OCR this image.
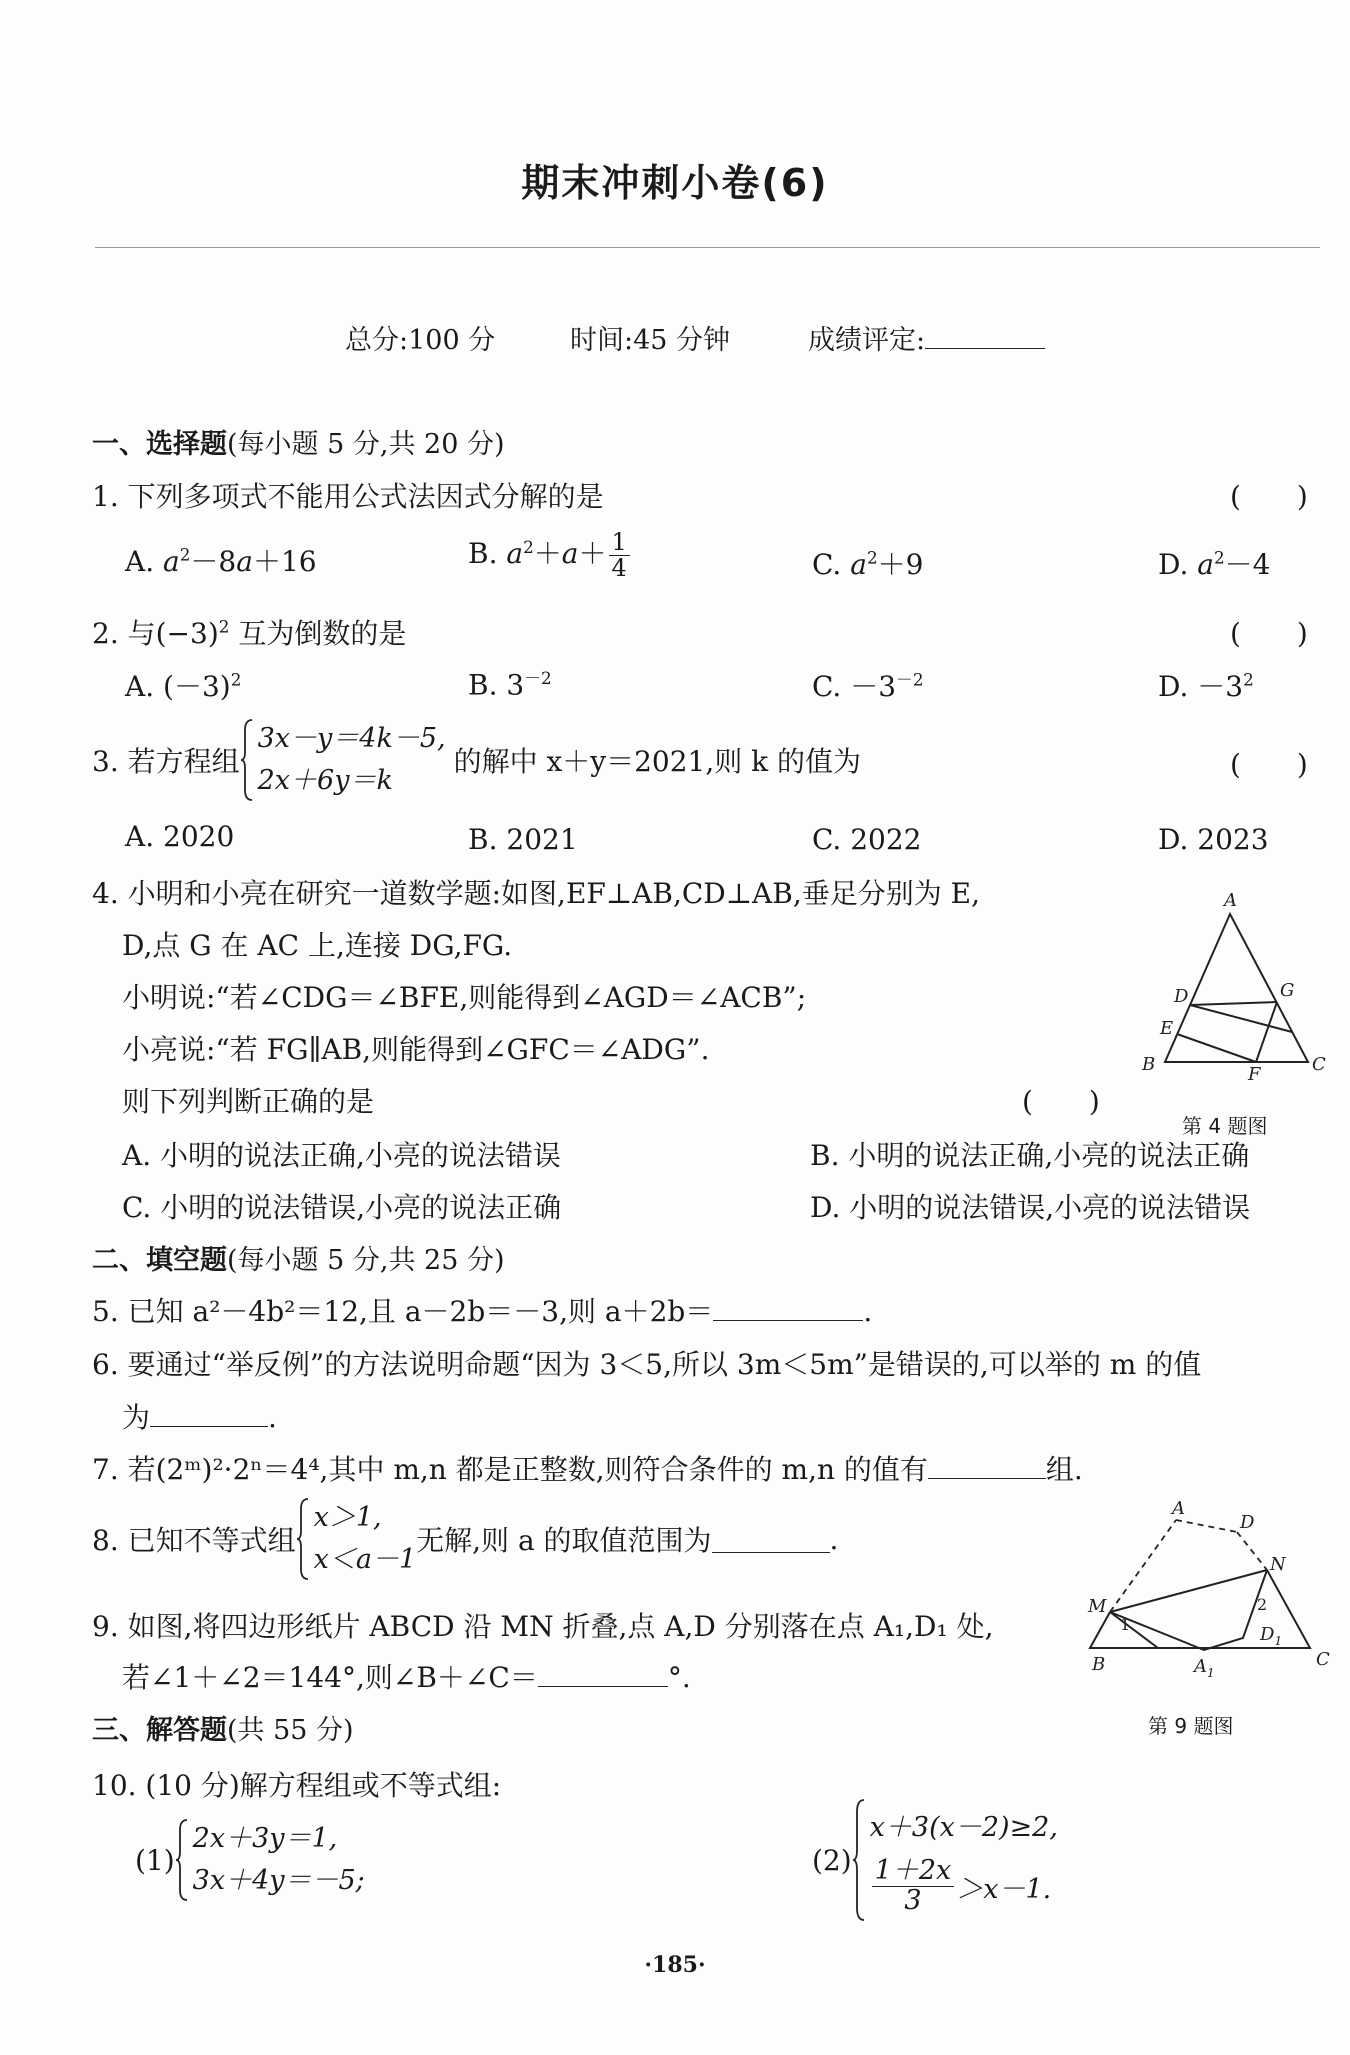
期末冲刺小卷(6)
总分:100 分	时间:45 分钟	成绩评定:
一、选择题(每小题 5 分,共 20 分)
1. 下列多项式不能用公式法因式分解的是	(　　)
A. $a^2-8a+16$	B. $a^2+a+ \frac{1}{4}$	C. $a^2+9$	D. $a^2-4$
2. 与$(-3)^2$ 互为倒数的是	(　　)
A. $(-3)^2$	B. $3^{-2}$	C. $-3^{-2}$	D. $-3^2$
3. 若方程组
3x－y＝4k－5,
2x＋6y＝k
的解中 x＋y＝2021,则 k 的值为	(　　)
A. 2020	B. 2021	C. 2022	D. 2023
4. 小明和小亮在研究一道数学题:如图,EF⊥AB,CD⊥AB,垂足分别为 E,
D,点 G 在 AC 上,连接 DG,FG.
小明说:“若∠CDG＝∠BFE,则能得到∠AGD＝∠ACB”;
小亮说:“若 FG∥AB,则能得到∠GFC＝∠ADG”.
则下列判断正确的是	(　　)
A
D	G
E
B	F	C
第 4 题图
A. 小明的说法正确,小亮的说法错误	B. 小明的说法正确,小亮的说法正确
C. 小明的说法错误,小亮的说法正确	D. 小明的说法错误,小亮的说法错误
二、填空题(每小题 5 分,共 25 分)
5. 已知 a²－4b²＝12,且 a－2b＝－3,则 a＋2b＝	.
6. 要通过“举反例”的方法说明命题“因为 3＜5,所以 3m＜5m”是错误的,可以举的 m 的值
为	.
7. 若(2ᵐ)²·2ⁿ＝4⁴,其中 m,n 都是正整数,则符合条件的 m,n 的值有	组.
8. 已知不等式组
x＞1,
x＜a－1
无解,则 a 的取值范围为	.
A
D
N
M
B	C
$A_1$
$D_1$
1
2
第 9 题图
9. 如图,将四边形纸片 ABCD 沿 MN 折叠,点 A,D 分别落在点 A₁,D₁ 处,
若∠1＋∠2＝144°,则∠B＋∠C＝	°.
三、解答题(共 55 分)
10. (10 分)解方程组或不等式组:
(1)
2x＋3y＝1,
3x＋4y＝－5;
(2)
x＋3(x－2)≥2,
$\frac{1+2x}{3} >x-1$.
·185·
